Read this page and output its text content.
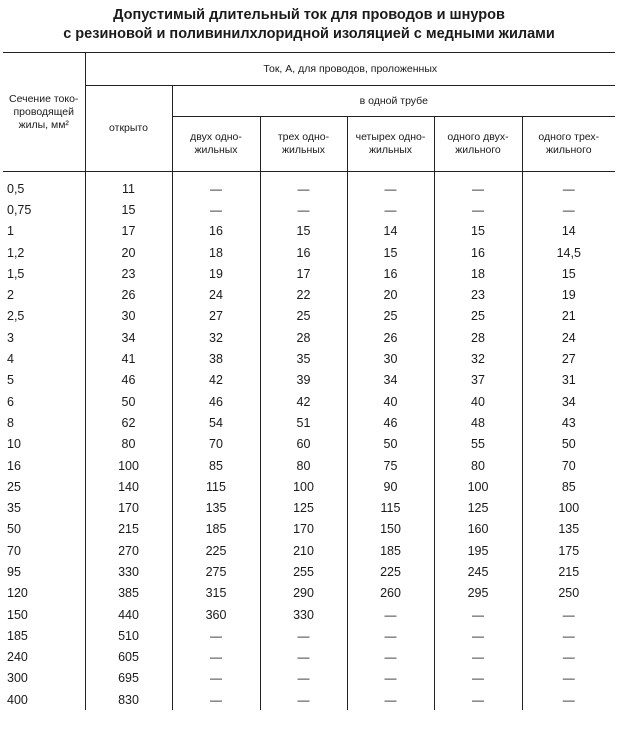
Допустимый длительный ток для проводов и шнуров
с резиновой и поливинилхлоридной изоляцией с медными жилами
Сечение токо-проводящей жилы, мм²	Ток, А, для проводов, проложенных					
	открыто	в одной трубе				
		двух одно-жильных	трех одно-жильных	четырех одно-жильных	одного двух-жильного	одного трех-жильного
0,5	11	—	—	—	—	—
0,75	15	—	—	—	—	—
1	17	16	15	14	15	14
1,2	20	18	16	15	16	14,5
1,5	23	19	17	16	18	15
2	26	24	22	20	23	19
2,5	30	27	25	25	25	21
3	34	32	28	26	28	24
4	41	38	35	30	32	27
5	46	42	39	34	37	31
6	50	46	42	40	40	34
8	62	54	51	46	48	43
10	80	70	60	50	55	50
16	100	85	80	75	80	70
25	140	115	100	90	100	85
35	170	135	125	115	125	100
50	215	185	170	150	160	135
70	270	225	210	185	195	175
95	330	275	255	225	245	215
120	385	315	290	260	295	250
150	440	360	330	—	—	—
185	510	—	—	—	—	—
240	605	—	—	—	—	—
300	695	—	—	—	—	—
400	830	—	—	—	—	—
